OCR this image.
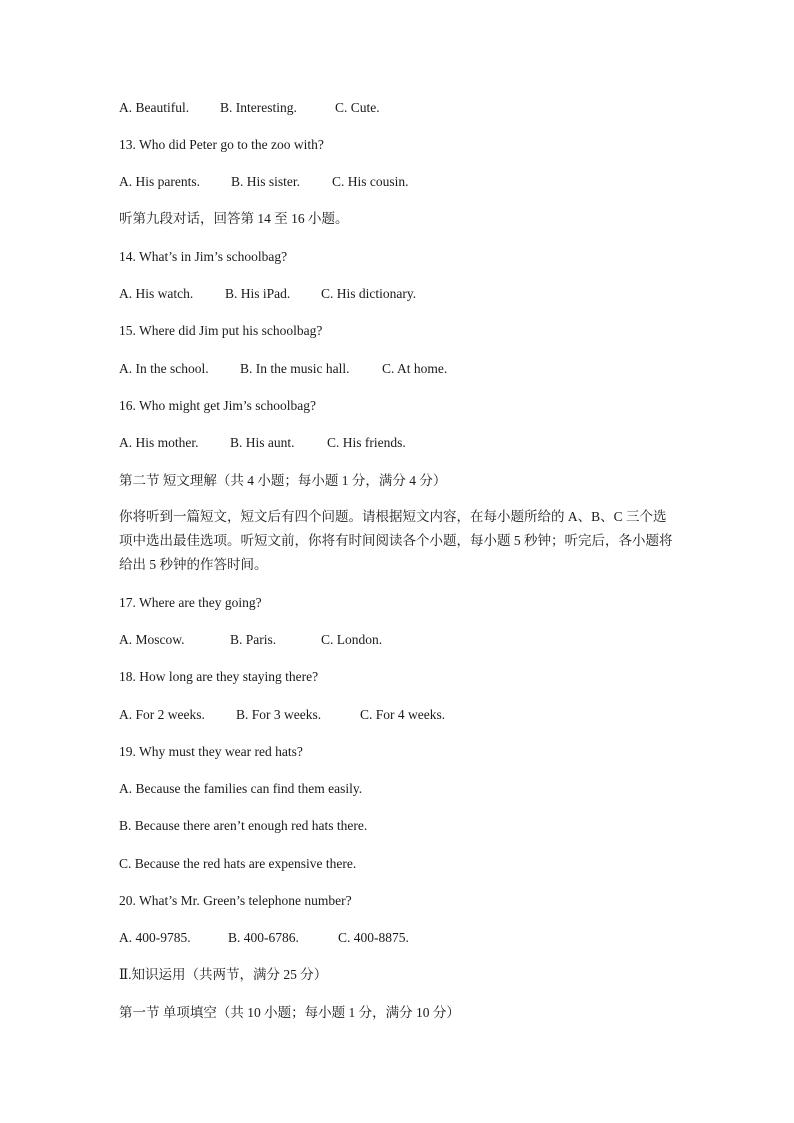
A. Beautiful. B. Interesting.	C. Cute.
13. Who did Peter go to the zoo with?
A. His parents. B. His sister. C. His cousin.
听第九段对话，回答第 14 至 16 小题。
14. What’s in Jim’s schoolbag?
A. His watch. B. His iPad. C. His dictionary.
15. Where did Jim put his schoolbag?
A. In the school. B. In the music hall. C. At home.
16. Who might get Jim’s schoolbag?
A. His mother. B. His aunt. C. His friends.
第二节 短文理解（共 4 小题；每小题 1 分，满分 4 分）
你将听到一篇短文，短文后有四个问题。请根据短文内容，在每小题所给的 A、B、C 三个选项中选出最佳选项。听短文前，你将有时间阅读各个小题，每小题 5 秒钟；听完后，各小题将给出 5 秒钟的作答时间。
17. Where are they going?
A. Moscow.	B. Paris.	C. London.
18. How long are they staying there?
A. For 2 weeks. B. For 3 weeks.	C. For 4 weeks.
19. Why must they wear red hats?
A. Because the families can find them easily.
B. Because there aren’t enough red hats there.
C. Because the red hats are expensive there.
20. What’s Mr. Green’s telephone number?
A. 400-9785.	B. 400-6786.	C. 400-8875.
Ⅱ.知识运用（共两节，满分 25 分）
第一节 单项填空（共 10 小题；每小题 1 分，满分 10 分）
